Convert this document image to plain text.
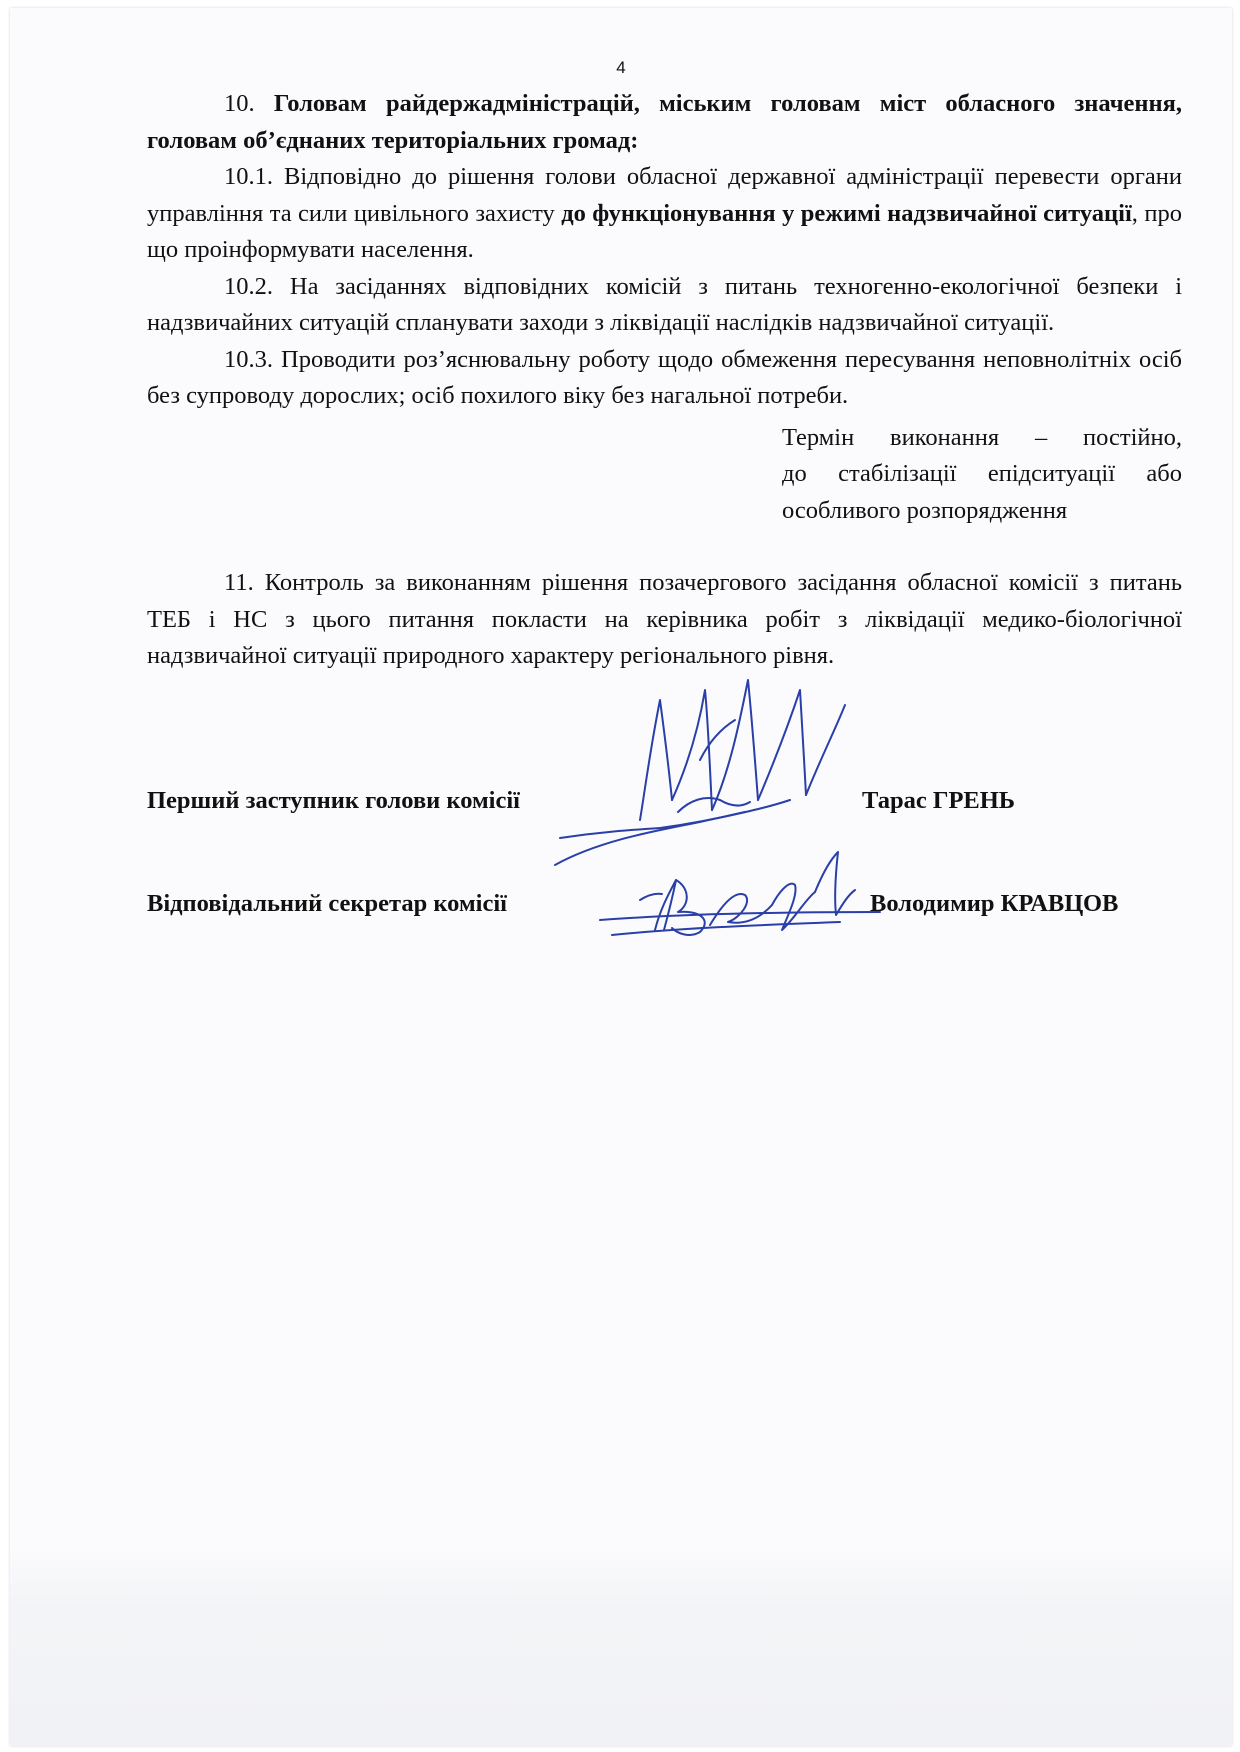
4

10. Головам райдержадміністрацій, міським головам міст обласного значення, головам об’єднаних територіальних громад:

10.1. Відповідно до рішення голови обласної державної адміністрації перевести органи управління та сили цивільного захисту до функціонування у режимі надзвичайної ситуації, про що проінформувати населення.

10.2. На засіданнях відповідних комісій з питань техногенно-екологічної безпеки і надзвичайних ситуацій спланувати заходи з ліквідації наслідків надзвичайної ситуації.

10.3. Проводити роз’яснювальну роботу щодо обмеження пересування неповнолітніх осіб без супроводу дорослих; осіб похилого віку без нагальної потреби.

Термін виконання – постійно,
до стабілізації епідситуації або
особливого розпорядження

11. Контроль за виконанням рішення позачергового засідання обласної комісії з питань ТЕБ і НС з цього питання покласти на керівника робіт з ліквідації медико-біологічної надзвичайної ситуації природного характеру регіонального рівня.

Перший заступник голови комісії	Тарас ГРЕНЬ
Відповідальний секретар комісії	Володимир КРАВЦОВ
